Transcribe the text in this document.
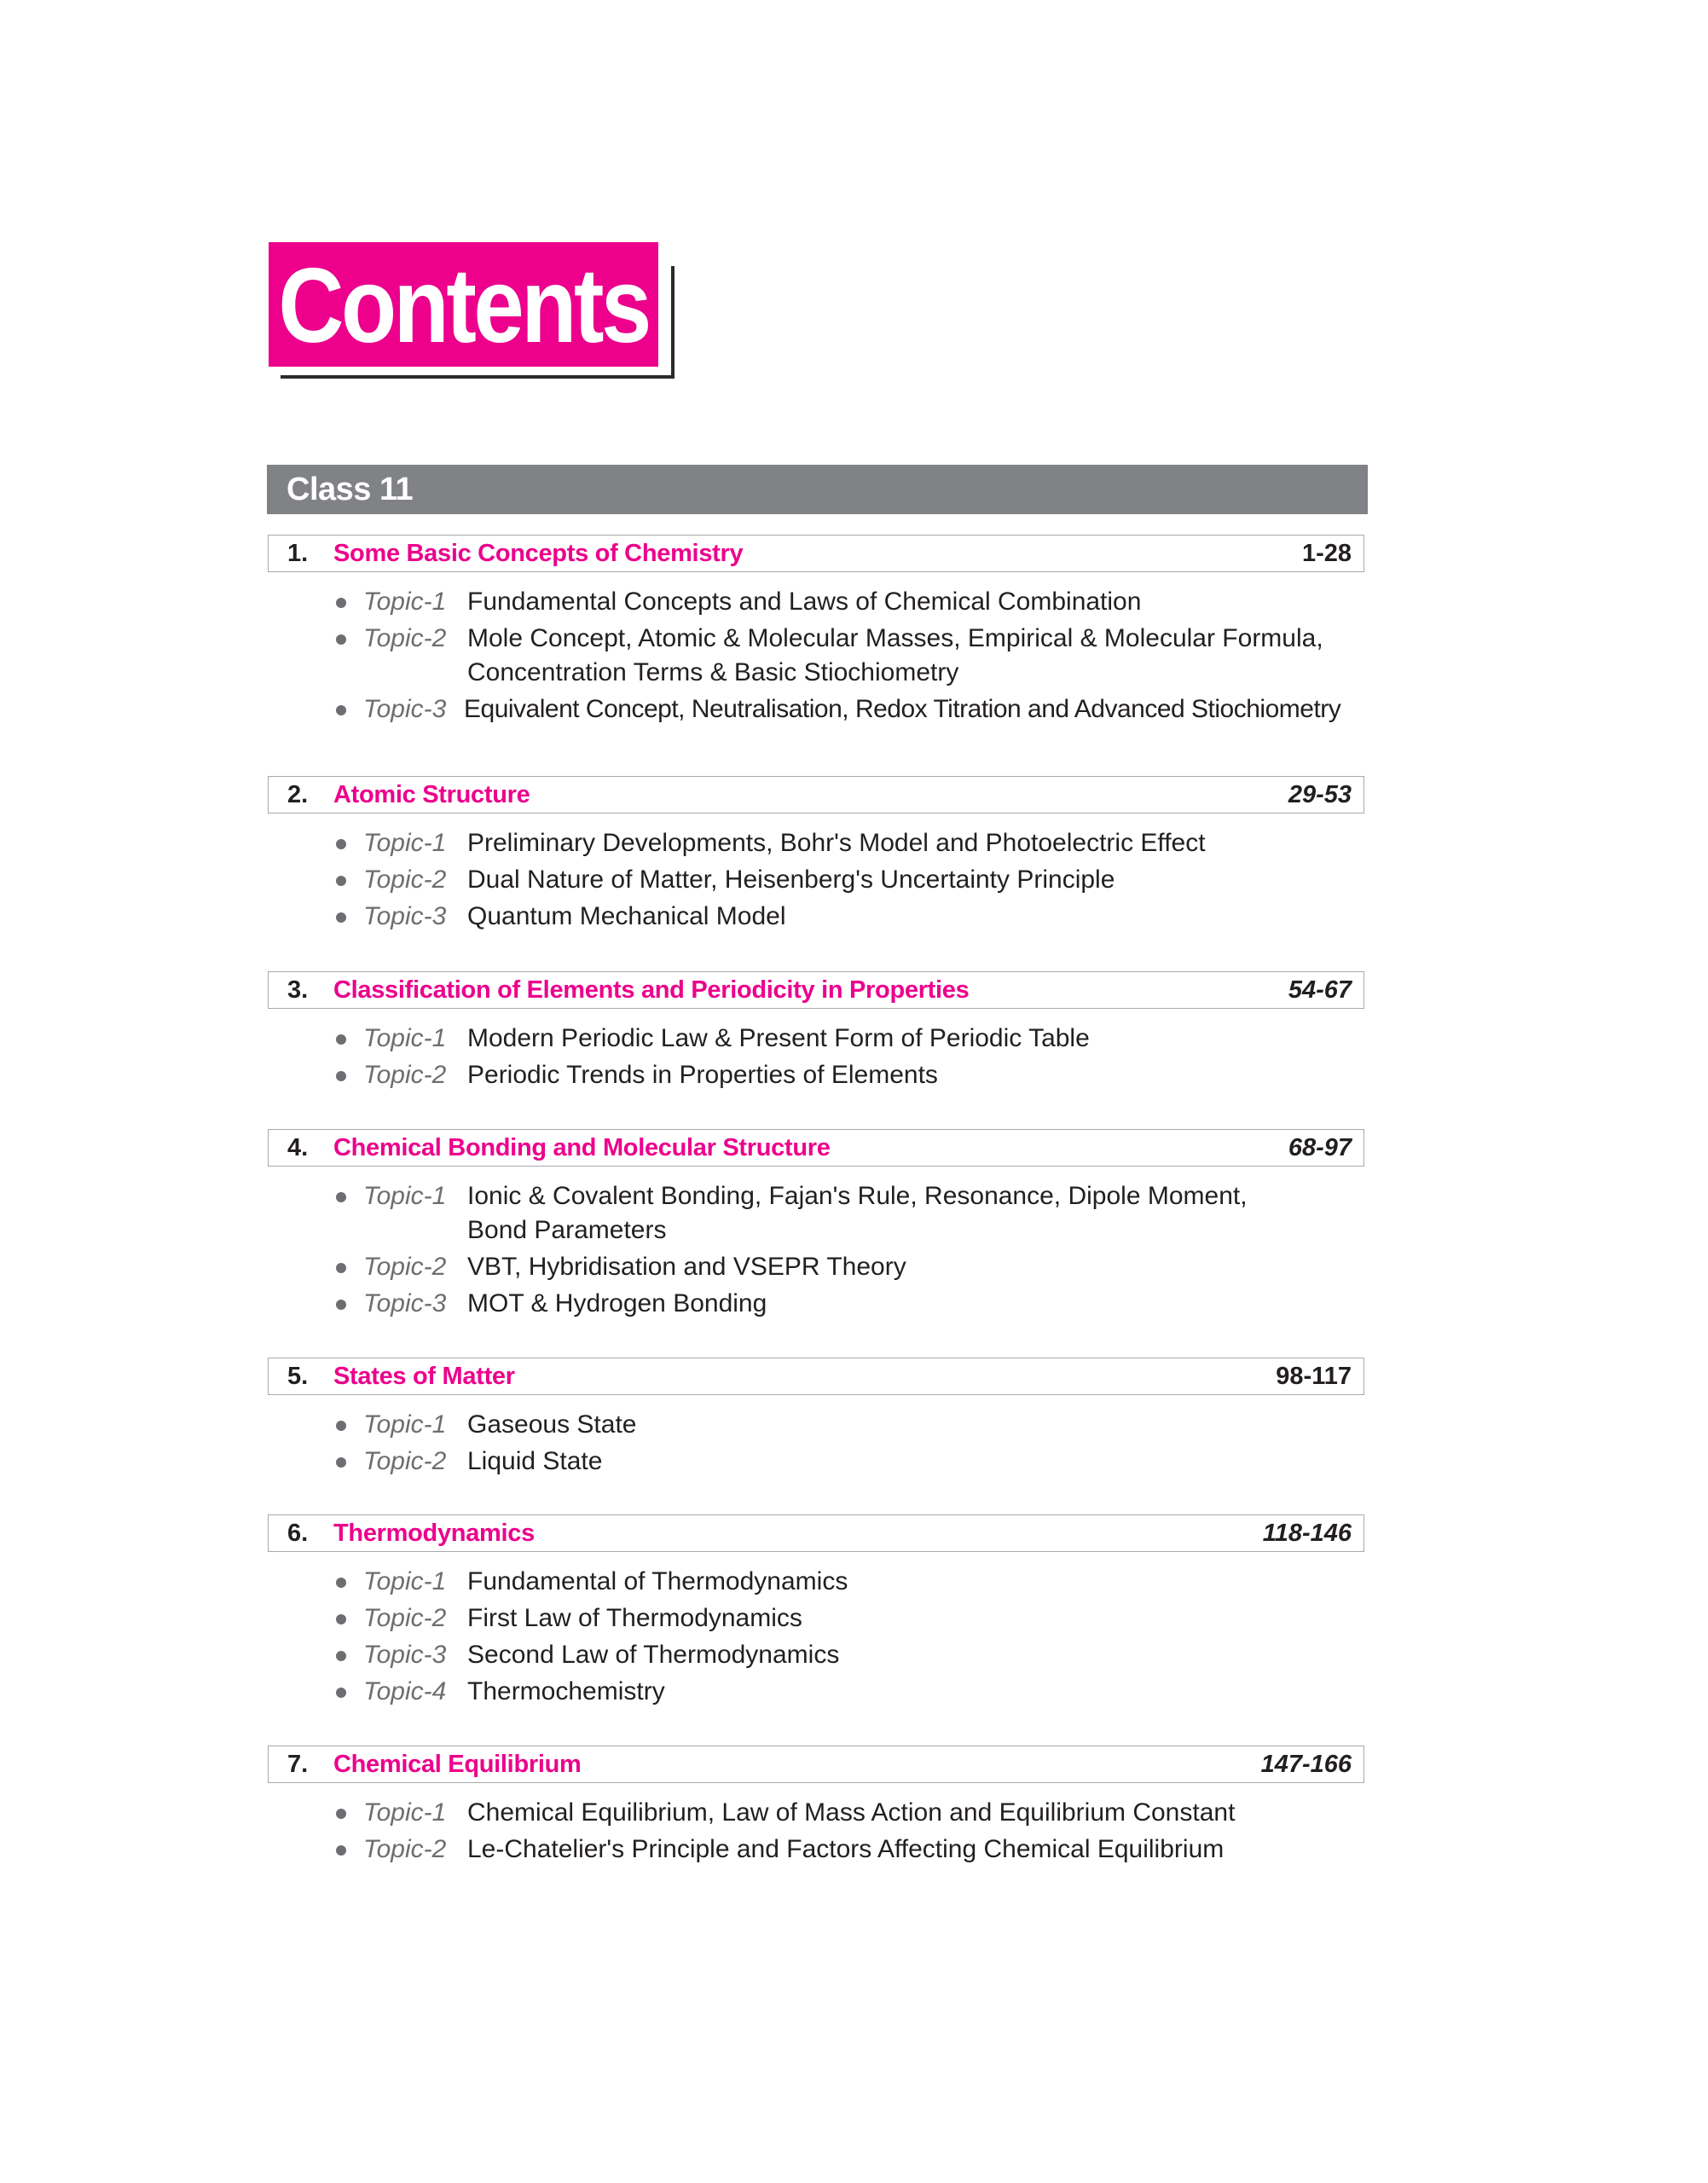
Contents
Class 11
1. Some Basic Concepts of Chemistry	1-28
Topic-1 Fundamental Concepts and Laws of Chemical Combination
Topic-2 Mole Concept, Atomic & Molecular Masses, Empirical & Molecular Formula,
Concentration Terms & Basic Stiochiometry
Topic-3 Equivalent Concept, Neutralisation, Redox Titration and Advanced Stiochiometry
2. Atomic Structure	29-53
Topic-1 Preliminary Developments, Bohr's Model and Photoelectric Effect
Topic-2 Dual Nature of Matter, Heisenberg's Uncertainty Principle
Topic-3 Quantum Mechanical Model
3. Classification of Elements and Periodicity in Properties	54-67
Topic-1 Modern Periodic Law & Present Form of Periodic Table
Topic-2 Periodic Trends in Properties of Elements
4. Chemical Bonding and Molecular Structure	68-97
Topic-1 Ionic & Covalent Bonding, Fajan's Rule, Resonance, Dipole Moment,
Bond Parameters
Topic-2 VBT, Hybridisation and VSEPR Theory
Topic-3 MOT & Hydrogen Bonding
5. States of Matter	98-117
Topic-1 Gaseous State
Topic-2 Liquid State
6. Thermodynamics	118-146
Topic-1 Fundamental of Thermodynamics
Topic-2 First Law of Thermodynamics
Topic-3 Second Law of Thermodynamics
Topic-4 Thermochemistry
7. Chemical Equilibrium	147-166
Topic-1 Chemical Equilibrium, Law of Mass Action and Equilibrium Constant
Topic-2 Le-Chatelier's Principle and Factors Affecting Chemical Equilibrium
